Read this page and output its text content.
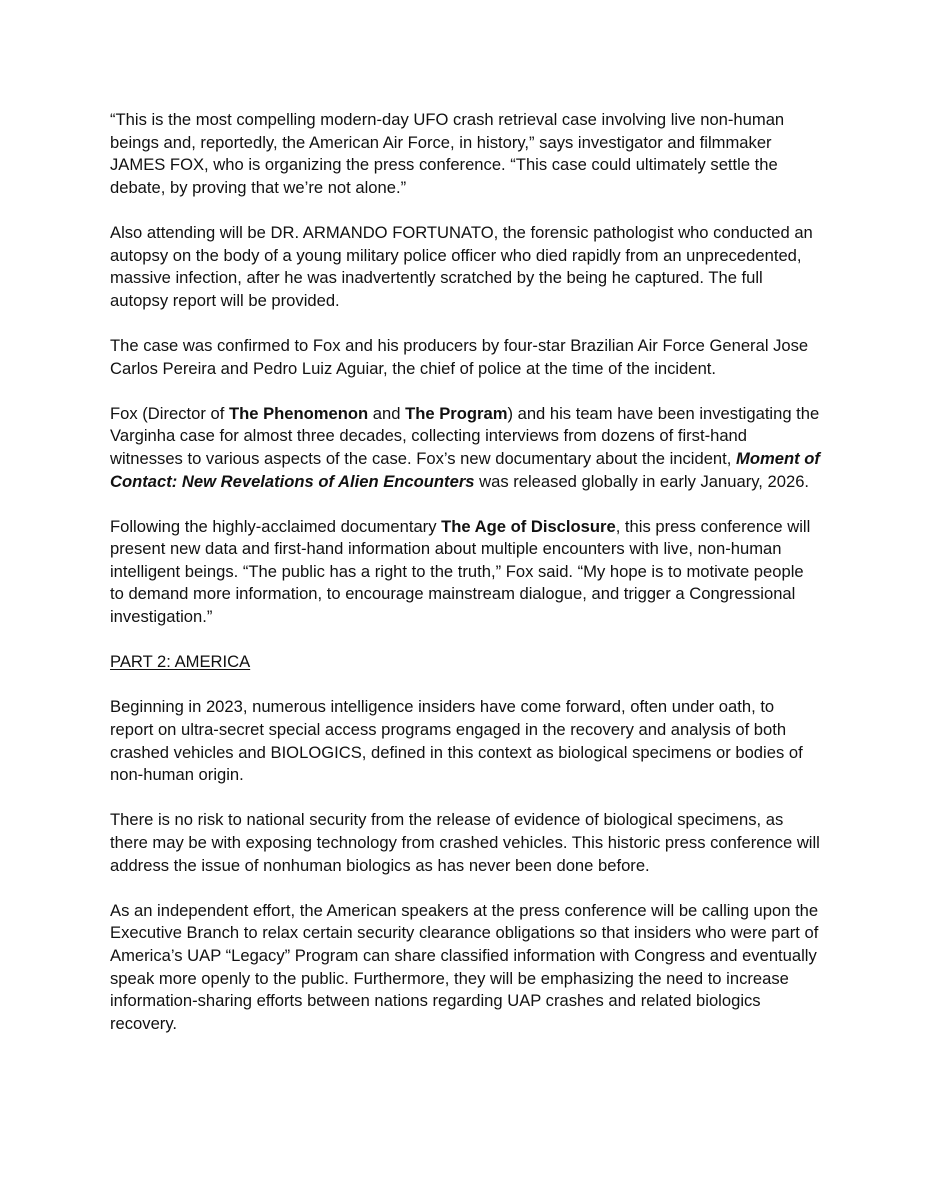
“This is the most compelling modern-day UFO crash retrieval case involving live non-human beings and, reportedly, the American Air Force, in history,” says investigator and filmmaker JAMES FOX, who is organizing the press conference. “This case could ultimately settle the debate, by proving that we’re not alone.”

Also attending will be DR. ARMANDO FORTUNATO, the forensic pathologist who conducted an autopsy on the body of a young military police officer who died rapidly from an unprecedented, massive infection, after he was inadvertently scratched by the being he captured. The full autopsy report will be provided.

The case was confirmed to Fox and his producers by four-star Brazilian Air Force General Jose Carlos Pereira and Pedro Luiz Aguiar, the chief of police at the time of the incident.

Fox (Director of The Phenomenon and The Program) and his team have been investigating the Varginha case for almost three decades, collecting interviews from dozens of first-hand witnesses to various aspects of the case. Fox’s new documentary about the incident, Moment of Contact: New Revelations of Alien Encounters was released globally in early January, 2026.

Following the highly-acclaimed documentary The Age of Disclosure, this press conference will present new data and first-hand information about multiple encounters with live, non-human intelligent beings. “The public has a right to the truth,” Fox said. “My hope is to motivate people to demand more information, to encourage mainstream dialogue, and trigger a Congressional investigation.”

PART 2: AMERICA

Beginning in 2023, numerous intelligence insiders have come forward, often under oath, to report on ultra-secret special access programs engaged in the recovery and analysis of both crashed vehicles and BIOLOGICS, defined in this context as biological specimens or bodies of non-human origin.

There is no risk to national security from the release of evidence of biological specimens, as there may be with exposing technology from crashed vehicles. This historic press conference will address the issue of nonhuman biologics as has never been done before.

As an independent effort, the American speakers at the press conference will be calling upon the Executive Branch to relax certain security clearance obligations so that insiders who were part of America’s UAP “Legacy” Program can share classified information with Congress and eventually speak more openly to the public. Furthermore, they will be emphasizing the need to increase information-sharing efforts between nations regarding UAP crashes and related biologics recovery.
